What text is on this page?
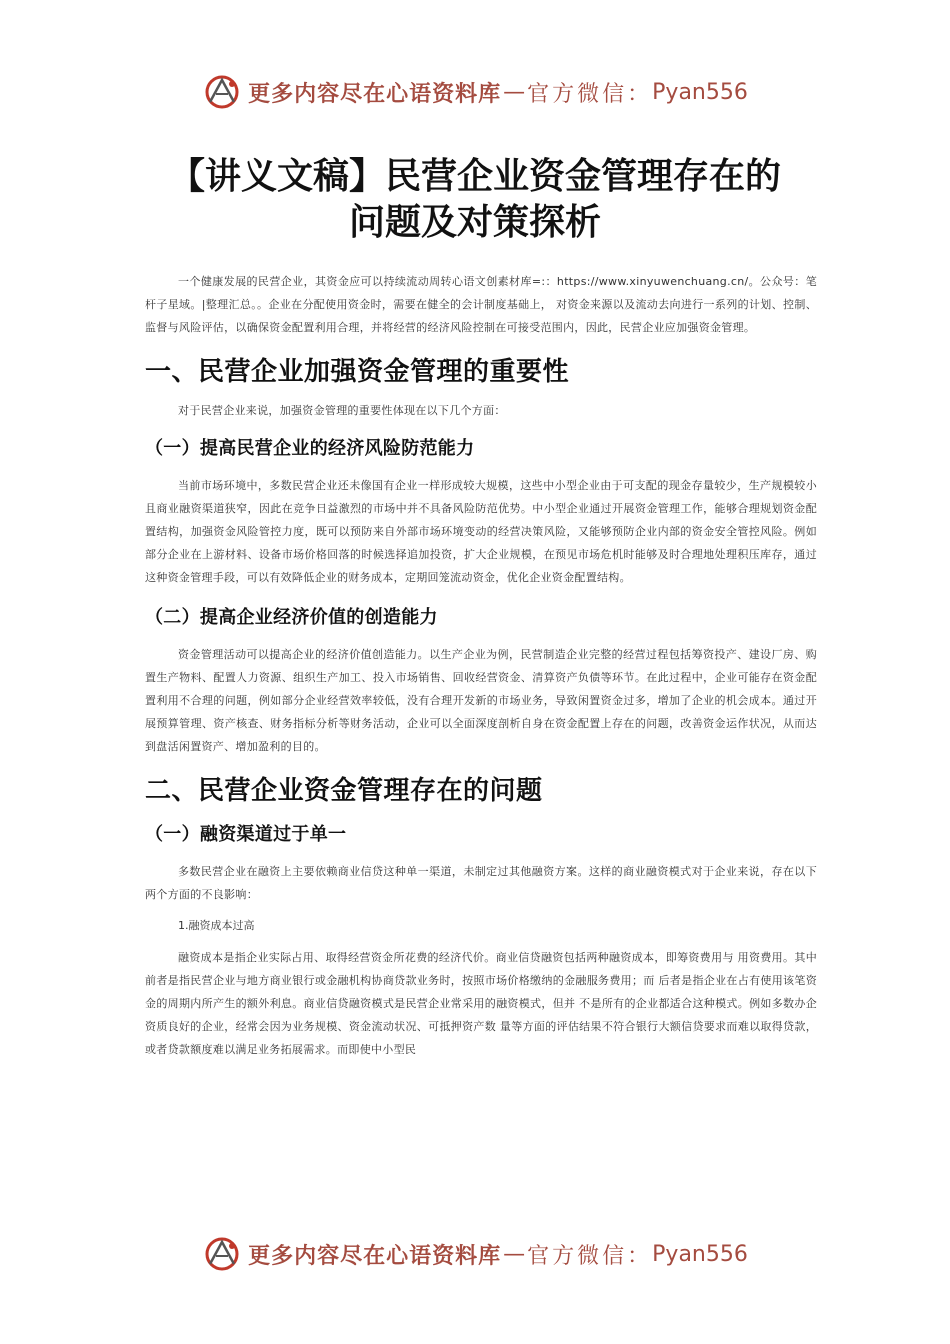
更多内容尽在心语资料库 — 官方微信： Pyan556
【讲义文稿】民营企业资金管理存在的
问题及对策探析

一个健康发展的民营企业，其资金应可以持续流动周转心语文创素材库=:：https://www.xinyuwenchuang.cn/。公众号：笔杆子星域。|整理汇总。。企业在分配使用资金时，需要在健全的会计制度基础上， 对资金来源以及流动去向进行一系列的计划、控制、监督与风险评估，以确保资金配置利用合理，并将经营的经济风险控制在可接受范围内，因此，民营企业应加强资金管理。

一、民营企业加强资金管理的重要性

对于民营企业来说，加强资金管理的重要性体现在以下几个方面：

（一）提高民营企业的经济风险防范能力

当前市场环境中，多数民营企业还未像国有企业一样形成较大规模，这些中小型企业由于可支配的现金存量较少，生产规模较小且商业融资渠道狭窄，因此在竞争日益激烈的市场中并不具备风险防范优势。中小型企业通过开展资金管理工作，能够合理规划资金配置结构，加强资金风险管控力度，既可以预防来自外部市场环境变动的经营决策风险，又能够预防企业内部的资金安全管控风险。例如部分企业在上游材料、设备市场价格回落的时候选择追加投资，扩大企业规模，在预见市场危机时能够及时合理地处理积压库存，通过这种资金管理手段，可以有效降低企业的财务成本，定期回笼流动资金，优化企业资金配置结构。

（二）提高企业经济价值的创造能力

资金管理活动可以提高企业的经济价值创造能力。以生产企业为例，民营制造企业完整的经营过程包括筹资投产、建设厂房、购置生产物料、配置人力资源、组织生产加工、投入市场销售、回收经营资金、清算资产负债等环节。在此过程中，企业可能存在资金配置利用不合理的问题，例如部分企业经营效率较低，没有合理开发新的市场业务，导致闲置资金过多，增加了企业的机会成本。通过开展预算管理、资产核查、财务指标分析等财务活动，企业可以全面深度剖析自身在资金配置上存在的问题，改善资金运作状况，从而达到盘活闲置资产、增加盈利的目的。

二、民营企业资金管理存在的问题
（一）融资渠道过于单一

多数民营企业在融资上主要依赖商业信贷这种单一渠道，未制定过其他融资方案。这样的商业融资模式对于企业来说，存在以下两个方面的不良影响：

1.融资成本过高

融资成本是指企业实际占用、取得经营资金所花费的经济代价。商业信贷融资包括两种融资成本，即筹资费用与 用资费用。其中前者是指民营企业与地方商业银行或金融机构协商贷款业务时，按照市场价格缴纳的金融服务费用；而 后者是指企业在占有使用该笔资金的周期内所产生的额外利息。商业信贷融资模式是民营企业常采用的融资模式，但并 不是所有的企业都适合这种模式。例如多数办企资质良好的企业，经常会因为业务规模、资金流动状况、可抵押资产数 量等方面的评估结果不符合银行大额信贷要求而难以取得贷款，或者贷款额度难以满足业务拓展需求。而即使中小型民

更多内容尽在心语资料库 — 官方微信： Pyan556
